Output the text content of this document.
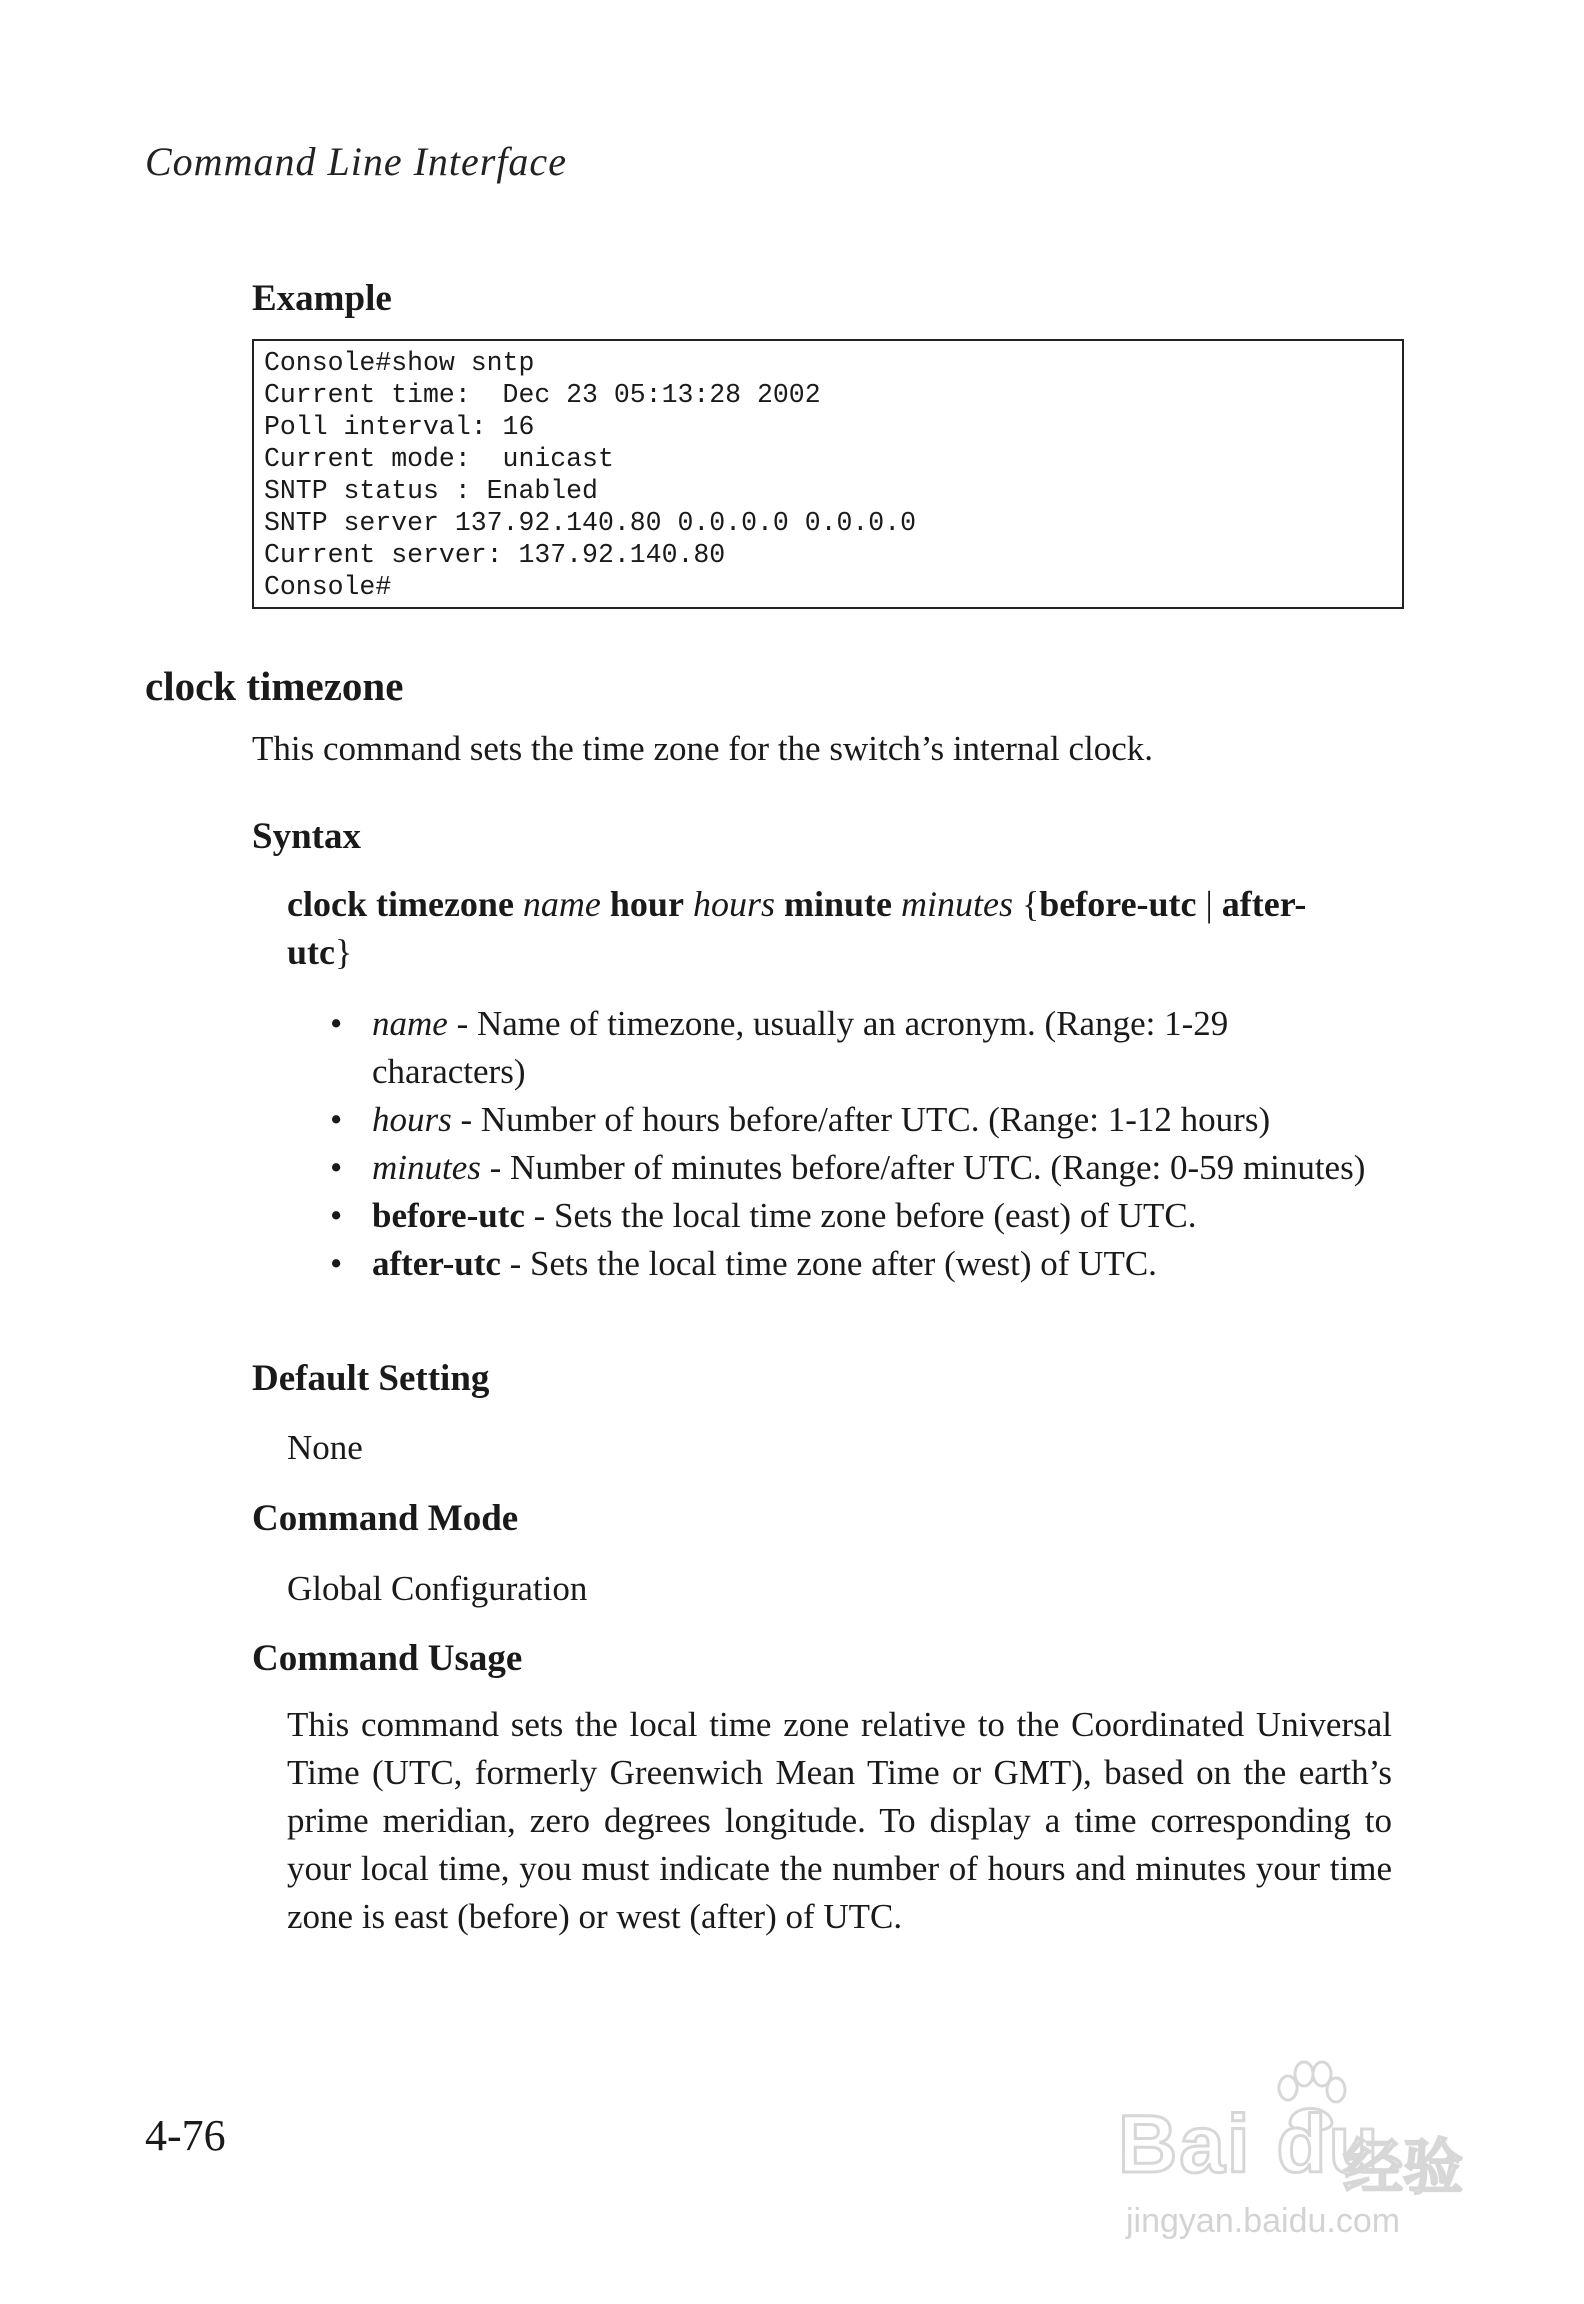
Command Line Interface
Example
Console#show sntp
Current time:  Dec 23 05:13:28 2002
Poll interval: 16
Current mode:  unicast
SNTP status : Enabled
SNTP server 137.92.140.80 0.0.0.0 0.0.0.0
Current server: 137.92.140.80
Console#
clock timezone

This command sets the time zone for the switch’s internal clock.

Syntax

clock timezone name hour hours minute minutes {before-utc | after-utc}

• name - Name of timezone, usually an acronym. (Range: 1-29 characters)
• hours - Number of hours before/after UTC. (Range: 1-12 hours)
• minutes - Number of minutes before/after UTC. (Range: 0-59 minutes)
• before-utc - Sets the local time zone before (east) of UTC.
• after-utc - Sets the local time zone after (west) of UTC.
Default Setting

None

Command Mode

Global Configuration

Command Usage

This command sets the local time zone relative to the Coordinated Universal Time (UTC, formerly Greenwich Mean Time or GMT), based on the earth’s prime meridian, zero degrees longitude. To display a time corresponding to your local time, you must indicate the number of hours and minutes your time zone is east (before) or west (after) of UTC.

4-76	Bai du
经验
jingyan.baidu.com
